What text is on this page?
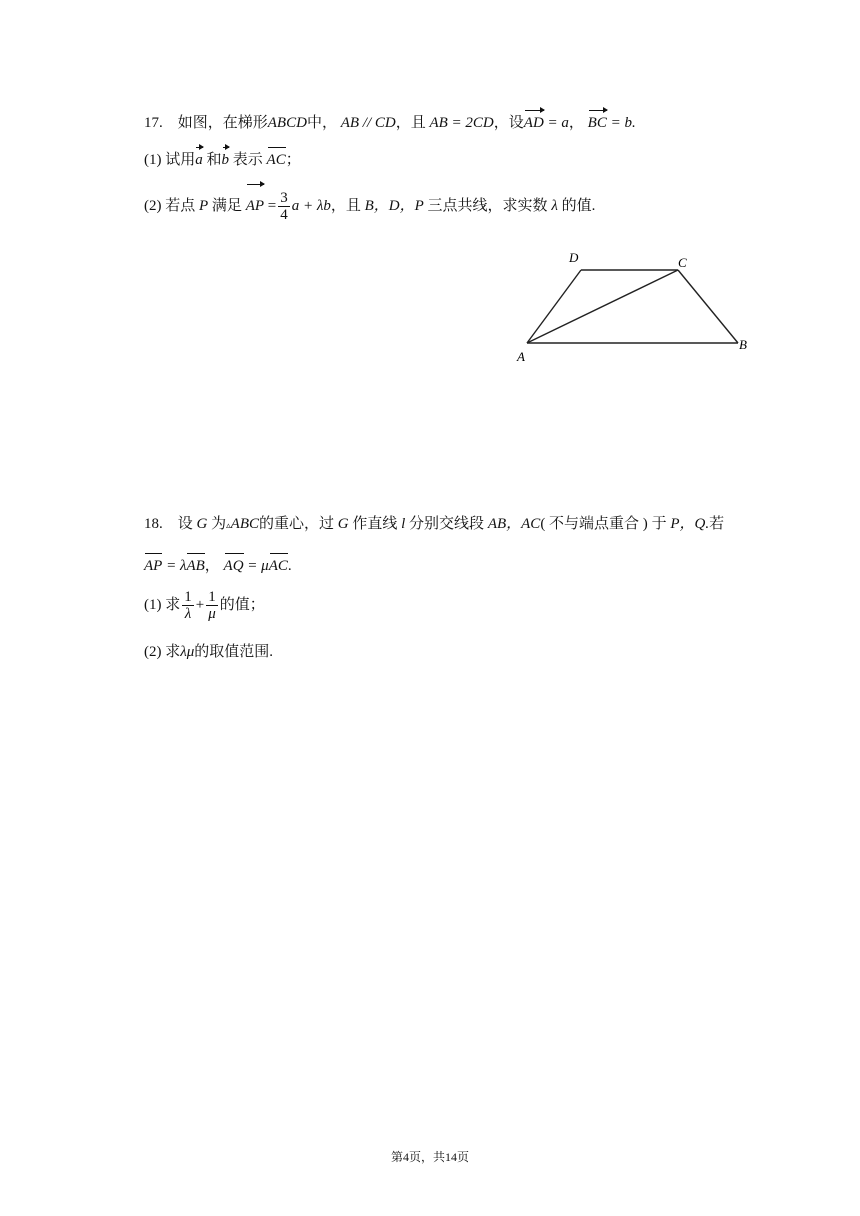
17. 如图，在梯形ABCD中， AB // CD，且 AB = 2CD，设AD = a， BC = b.
(1) 试用a 和b 表示 AC；
(2) 若点 P 满足 AP = $\frac{3}{4}$ a + λb，且 B，D，P 三点共线，求实数 λ 的值.
A
B
C
D
18. 设 G 为▵ABC的重心，过 G 作直线 l 分别交线段 AB，AC( 不与端点重合 ) 于 P，Q.若
AP = λAB， AQ = μAC.
(1) 求 $\frac{1}{\lambda} + \frac{1}{\mu}$ 的值；
(2) 求λμ的取值范围.
第4页，共14页
